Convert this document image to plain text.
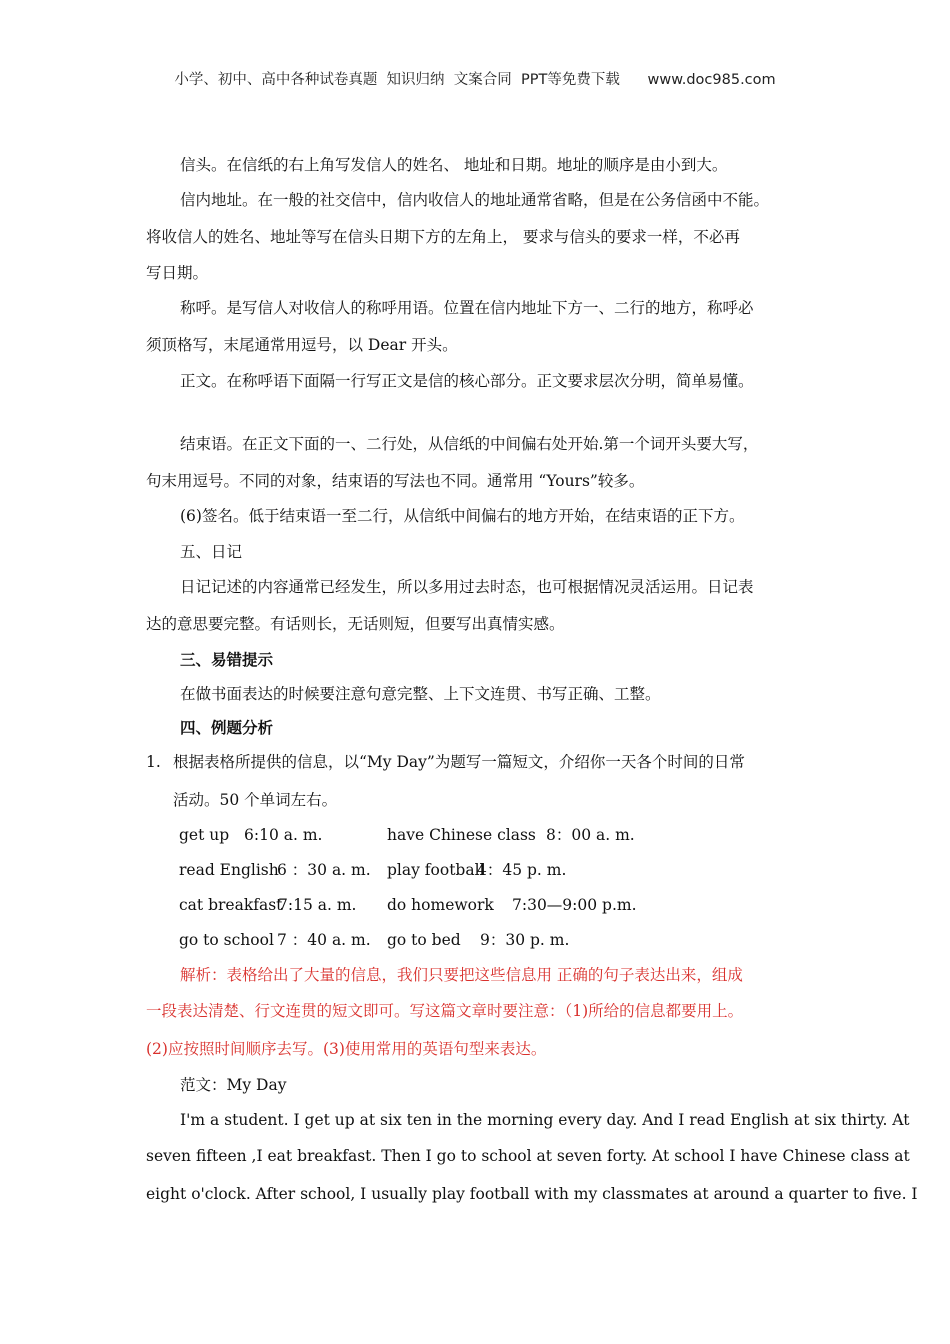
小学、初中、高中各种试卷真题  知识归纳  文案合同  PPT等免费下载      www.doc985.com
信头。在信纸的右上角写发信人的姓名、 地址和日期。地址的顺序是由小到大。
信内地址。在一般的社交信中，信内收信人的地址通常省略，但是在公务信函中不能。
将收信人的姓名、地址等写在信头日期下方的左角上， 要求与信头的要求一样，不必再
写日期。
称呼。是写信人对收信人的称呼用语。位置在信内地址下方一、二行的地方，称呼必
须顶格写，末尾通常用逗号，以 Dear 开头。
正文。在称呼语下面隔一行写正文是信的核心部分。正文要求层次分明，简单易懂。
结束语。在正文下面的一、二行处，从信纸的中间偏右处开始.第一个词开头要大写，
句末用逗号。不同的对象，结束语的写法也不同。通常用 “Yours”较多。
(6)签名。低于结束语一至二行，从信纸中间偏右的地方开始，在结束语的正下方。
五、日记
日记记述的内容通常已经发生，所以多用过去时态，也可根据情况灵活运用。日记表
达的意思要完整。有话则长，无话则短，但要写出真情实感。
三、易错提示
在做书面表达的时候要注意句意完整、上下文连贯、书写正确、工整。
四、例题分析
1. 根据表格所提供的信息，以“My Day”为题写一篇短文，介绍你一天各个时间的日常
活动。50 个单词左右。
get up 6:10 a. m.	have Chinese class 8：00 a. m.
read English
6 ：30 a. m. play football
4：45 p. m.
cat breakfast
7:15 a. m. do homework 7:30—9:00 p.m.
go to school 7 ：40 a. m. go to bed 9：30 p. m.
解析：表格给出了大量的信息，我们只要把这些信息用 正确的句子表达出来，组成
一段表达清楚、行文连贯的短文即可。写这篇文章时要注意：（1)所给的信息都要用上。
(2)应按照时间顺序去写。(3)使用常用的英语句型来表达。
范文：My Day
I'm a student. I get up at six ten in the morning every day. And I read English at six thirty. At
seven fifteen ,I eat breakfast. Then I go to school at seven forty. At school I have Chinese class at
eight o'clock. After school, I usually play football with my classmates at around a quarter to five. I
